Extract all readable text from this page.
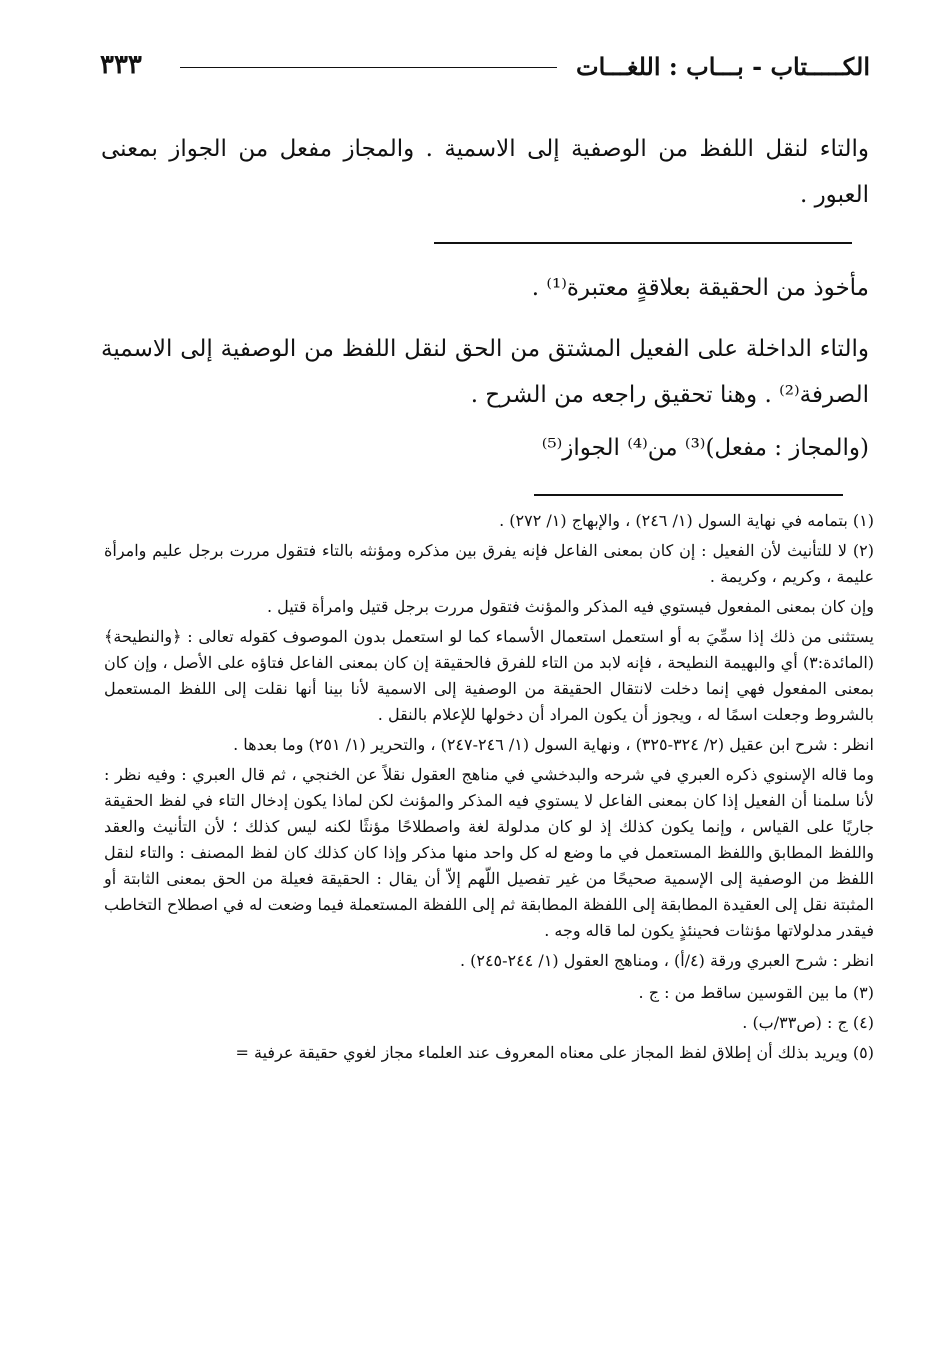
الكـــــتاب - بـــاب : اللغـــات
٣٣٣
والتاء لنقل اللفظ من الوصفية إلى الاسمية . والمجاز مفعل من الجواز بمعنى العبور .
مأخوذ من الحقيقة بعلاقةٍ معتبرة⁽¹⁾ .
والتاء الداخلة على الفعيل المشتق من الحق لنقل اللفظ من الوصفية إلى الاسمية الصرفة⁽²⁾ . وهنا تحقيق راجعه من الشرح .
(والمجاز : مفعل)⁽³⁾ من⁽⁴⁾ الجواز⁽⁵⁾

(١) بتمامه في نهاية السول (١/ ٢٤٦) ، والإبهاج (١/ ٢٧٢) .

(٢) لا للتأنيث لأن الفعيل : إن كان بمعنى الفاعل فإنه يفرق بين مذكره ومؤنثه بالتاء فتقول مررت برجل عليم وامرأة عليمة ، وكريم ، وكريمة .

وإن كان بمعنى المفعول فيستوي فيه المذكر والمؤنث فتقول مررت برجل قتيل وامرأة قتيل .

يستثنى من ذلك إذا سمِّيَ به أو استعمل استعمال الأسماء كما لو استعمل بدون الموصوف كقوله تعالى : ﴿والنطيحة﴾ (المائدة:٣) أي والبهيمة النطيحة ، فإنه لابد من التاء للفرق فالحقيقة إن كان بمعنى الفاعل فتاؤه على الأصل ، وإن كان بمعنى المفعول فهي إنما دخلت لانتقال الحقيقة من الوصفية إلى الاسمية لأنا بينا أنها نقلت إلى اللفظ المستعمل بالشروط وجعلت اسمًا له ، ويجوز أن يكون المراد أن دخولها للإعلام بالنقل .

انظر : شرح ابن عقيل (٢/ ٣٢٤-٣٢٥) ، ونهاية السول (١/ ٢٤٦-٢٤٧) ، والتحرير (١/ ٢٥١) وما بعدها .

وما قاله الإسنوي ذكره العبري في شرحه والبدخشي في مناهج العقول نقلاً عن الخنجي ، ثم قال العبري : وفيه نظر : لأنا سلمنا أن الفعيل إذا كان بمعنى الفاعل لا يستوي فيه المذكر والمؤنث لكن لماذا يكون إدخال التاء في لفظ الحقيقة جاريًا على القياس ، وإنما يكون كذلك إذ لو كان مدلولة لغة واصطلاحًا مؤنثًا لكنه ليس كذلك ؛ لأن التأنيث والعقد واللفظ المطابق واللفظ المستعمل في ما وضع له كل واحد منها مذكر وإذا كان كذلك كان لفظ المصنف : والتاء لنقل اللفظ من الوصفية إلى الإسمية صحيحًا من غير تفصيل اللّهم إلاّ أن يقال : الحقيقة فعيلة من الحق بمعنى الثابتة أو المثبتة نقل إلى العقيدة المطابقة إلى اللفظة المطابقة ثم إلى اللفظة المستعملة فيما وضعت له في اصطلاح التخاطب فيقدر مدلولاتها مؤنثات فحينئذٍ يكون لما قاله وجه .

انظر : شرح العبري ورقة (٤/أ) ، ومناهج العقول (١/ ٢٤٤-٢٤٥) .

(٣) ما بين القوسين ساقط من : ج .

(٤) ج : (ص٣٣/ب) .

(٥) ويريد بذلك أن إطلاق لفظ المجاز على معناه المعروف عند العلماء مجاز لغوي حقيقة عرفية =
